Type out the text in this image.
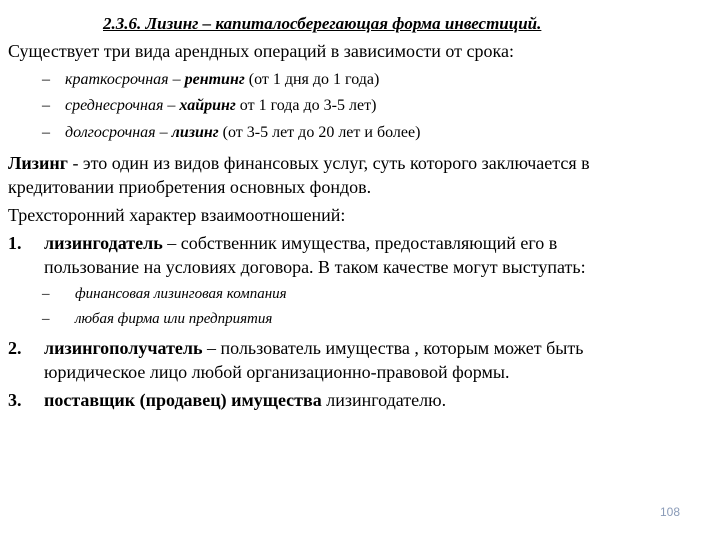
2.3.6. Лизинг – капиталосберегающая форма инвестиций.
Существует три вида арендных операций в зависимости от срока:
– краткосрочная – рентинг (от 1 дня до 1 года)
– среднесрочная – хайринг от 1 года до 3-5 лет)
– долгосрочная – лизинг (от 3-5 лет до 20 лет и более)
Лизинг - это один из видов финансовых услуг, суть которого заключается в
кредитовании приобретения основных фондов.
Трехсторонний характер взаимоотношений:
1. лизингодатель – собственник имущества, предоставляющий его в
пользование на условиях договора. В таком качестве могут выступать:
– финансовая лизинговая компания
– любая фирма или предприятия
2. лизингополучатель – пользователь имущества , которым может быть
юридическое лицо любой организационно-правовой формы.
3. поставщик (продавец) имущества лизингодателю.
108
